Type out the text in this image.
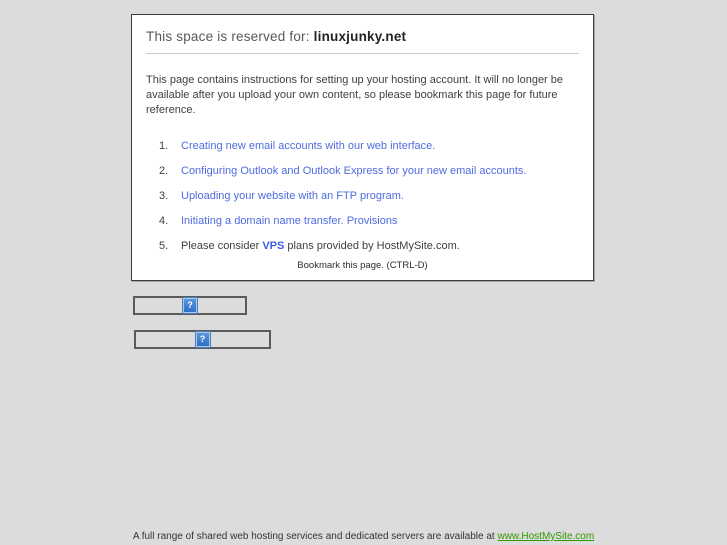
This space is reserved for: linuxjunky.net

This page contains instructions for setting up your hosting account. It will no longer be available after you upload your own content, so please bookmark this page for future reference.

1.	Creating new email accounts with our web interface.
2.	Configuring Outlook and Outlook Express for your new email accounts.
3.	Uploading your website with an FTP program.
4.	Initiating a domain name transfer. Provisions
5.	Please consider VPS plans provided by HostMySite.com.
Bookmark this page. (CTRL-D)
?
?
A full range of shared web hosting services and dedicated servers are available at www.HostMySite.com
